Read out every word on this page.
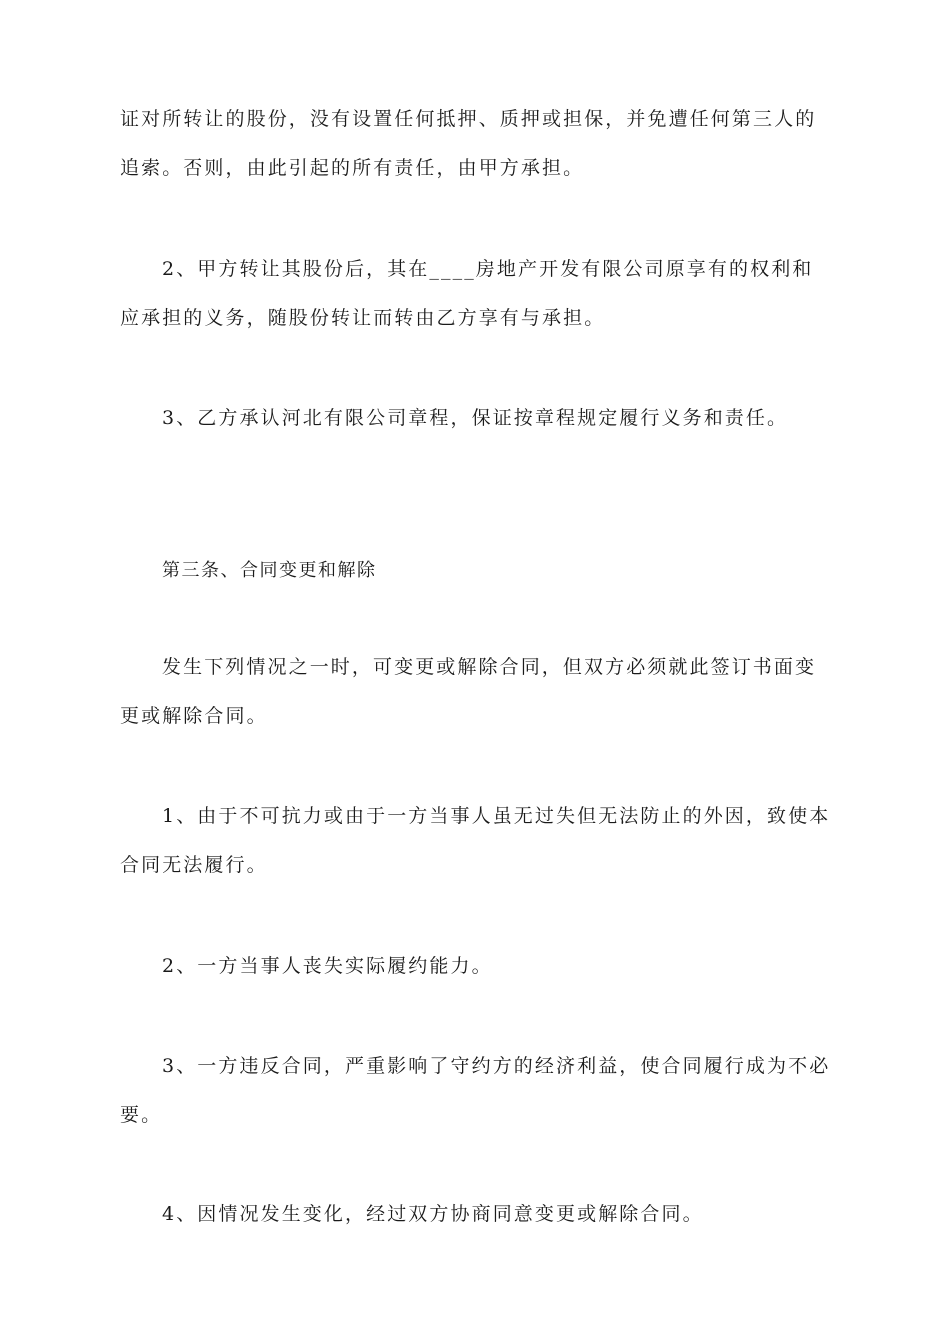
证对所转让的股份，没有设置任何抵押、质押或担保，并免遭任何第三人的追索。否则，由此引起的所有责任，由甲方承担。

2、甲方转让其股份后，其在____房地产开发有限公司原享有的权利和应承担的义务，随股份转让而转由乙方享有与承担。

3、乙方承认河北有限公司章程，保证按章程规定履行义务和责任。

第三条、合同变更和解除

发生下列情况之一时，可变更或解除合同，但双方必须就此签订书面变更或解除合同。

1、由于不可抗力或由于一方当事人虽无过失但无法防止的外因，致使本合同无法履行。

2、一方当事人丧失实际履约能力。

3、一方违反合同，严重影响了守约方的经济利益，使合同履行成为不必要。

4、因情况发生变化，经过双方协商同意变更或解除合同。
